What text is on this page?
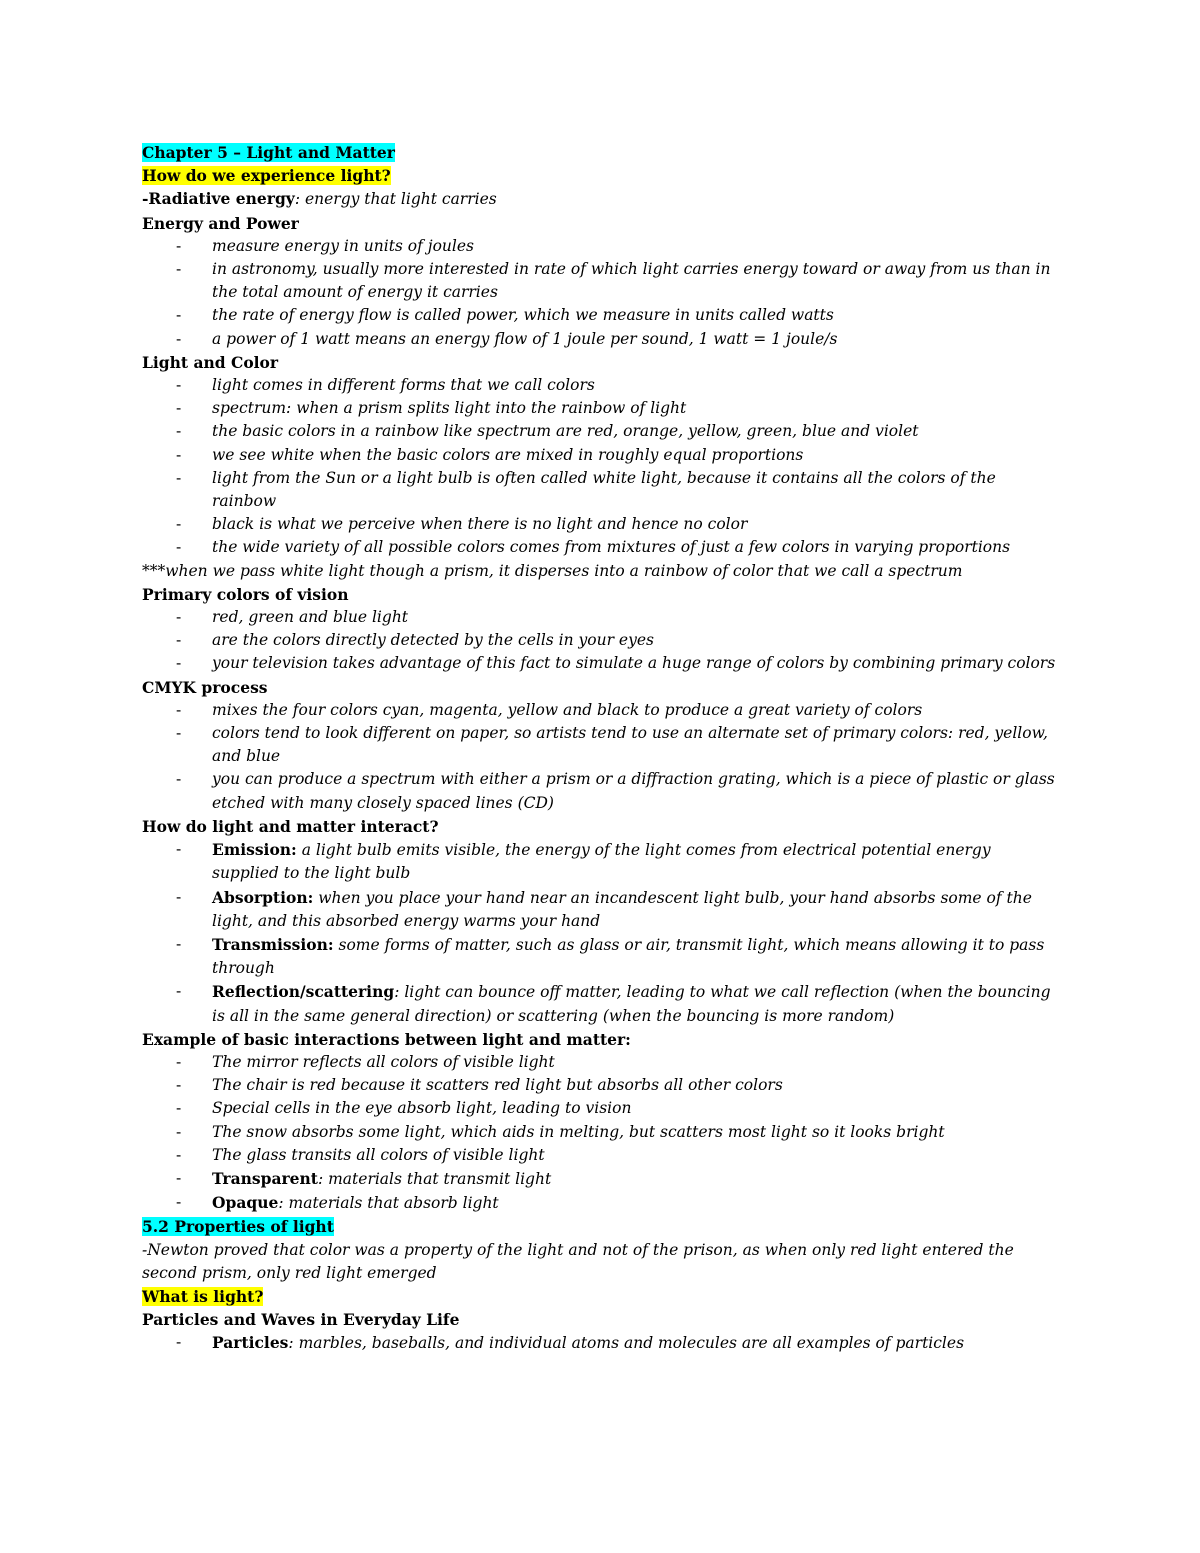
Chapter 5 – Light and Matter
How do we experience light?
-Radiative energy: energy that light carries
Energy and Power
- measure energy in units of joules
- in astronomy, usually more interested in rate of which light carries energy toward or away from us than in the total amount of energy it carries
- the rate of energy flow is called power, which we measure in units called watts
- a power of 1 watt means an energy flow of 1 joule per sound, 1 watt = 1 joule/s
Light and Color
- light comes in different forms that we call colors
- spectrum: when a prism splits light into the rainbow of light
- the basic colors in a rainbow like spectrum are red, orange, yellow, green, blue and violet
- we see white when the basic colors are mixed in roughly equal proportions
- light from the Sun or a light bulb is often called white light, because it contains all the colors of the rainbow
- black is what we perceive when there is no light and hence no color
- the wide variety of all possible colors comes from mixtures of just a few colors in varying proportions
***when we pass white light though a prism, it disperses into a rainbow of color that we call a spectrum
Primary colors of vision
- red, green and blue light
- are the colors directly detected by the cells in your eyes
- your television takes advantage of this fact to simulate a huge range of colors by combining primary colors
CMYK process
- mixes the four colors cyan, magenta, yellow and black to produce a great variety of colors
- colors tend to look different on paper, so artists tend to use an alternate set of primary colors: red, yellow, and blue
- you can produce a spectrum with either a prism or a diffraction grating, which is a piece of plastic or glass etched with many closely spaced lines (CD)
How do light and matter interact?
- Emission: a light bulb emits visible, the energy of the light comes from electrical potential energy supplied to the light bulb
- Absorption: when you place your hand near an incandescent light bulb, your hand absorbs some of the light, and this absorbed energy warms your hand
- Transmission: some forms of matter, such as glass or air, transmit light, which means allowing it to pass through
- Reflection/scattering: light can bounce off matter, leading to what we call reflection (when the bouncing is all in the same general direction) or scattering (when the bouncing is more random)
Example of basic interactions between light and matter:
- The mirror reflects all colors of visible light
- The chair is red because it scatters red light but absorbs all other colors
- Special cells in the eye absorb light, leading to vision
- The snow absorbs some light, which aids in melting, but scatters most light so it looks bright
- The glass transits all colors of visible light
- Transparent: materials that transmit light
- Opaque: materials that absorb light
5.2 Properties of light
-Newton proved that color was a property of the light and not of the prison, as when only red light entered the second prism, only red light emerged
What is light?
Particles and Waves in Everyday Life
- Particles: marbles, baseballs, and individual atoms and molecules are all examples of particles
